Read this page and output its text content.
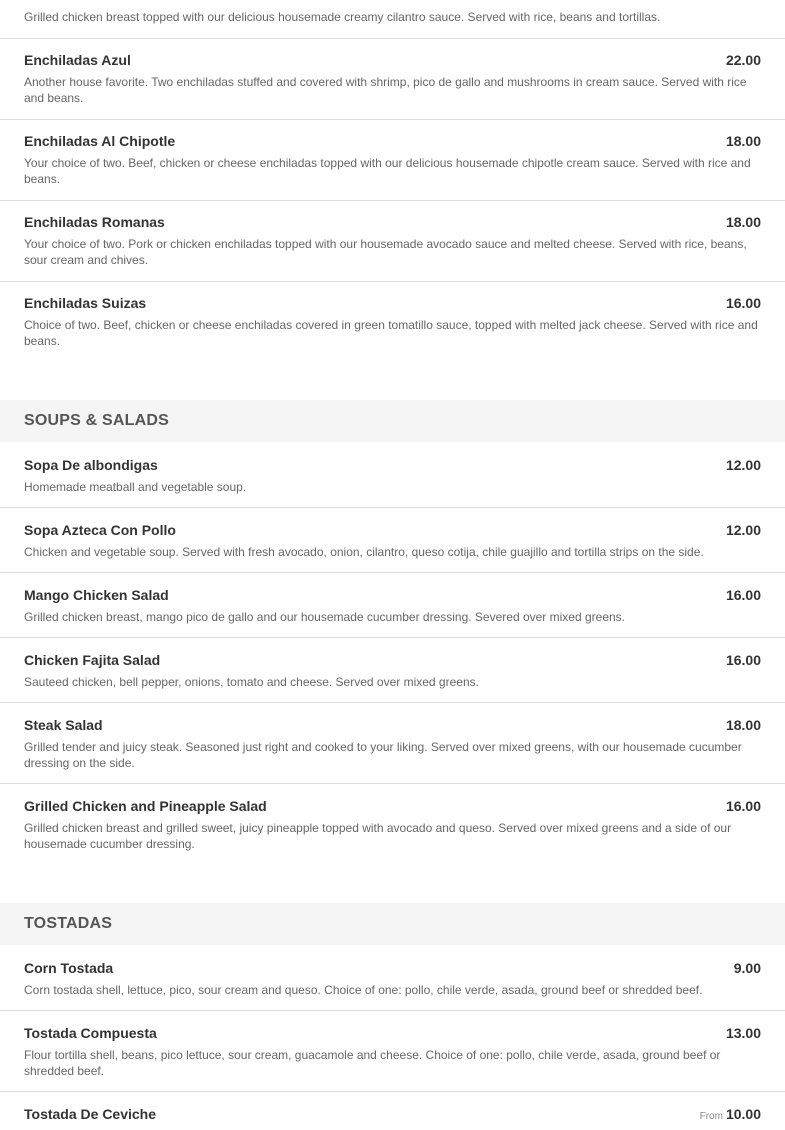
Grilled chicken breast topped with our delicious housemade creamy cilantro sauce. Served with rice, beans and tortillas.
Enchiladas Azul	22.00
Another house favorite. Two enchiladas stuffed and covered with shrimp, pico de gallo and mushrooms in cream sauce. Served with rice and beans.
Enchiladas Al Chipotle	18.00
Your choice of two. Beef, chicken or cheese enchiladas topped with our delicious housemade chipotle cream sauce. Served with rice and beans.
Enchiladas Romanas	18.00
Your choice of two. Pork or chicken enchiladas topped with our housemade avocado sauce and melted cheese. Served with rice, beans, sour cream and chives.
Enchiladas Suizas	16.00
Choice of two. Beef, chicken or cheese enchiladas covered in green tomatillo sauce, topped with melted jack cheese. Served with rice and beans.
SOUPS & SALADS
Sopa De albondigas	12.00
Homemade meatball and vegetable soup.
Sopa Azteca Con Pollo	12.00
Chicken and vegetable soup. Served with fresh avocado, onion, cilantro, queso cotija, chile guajillo and tortilla strips on the side.
Mango Chicken Salad	16.00
Grilled chicken breast, mango pico de gallo and our housemade cucumber dressing. Severed over mixed greens.
Chicken Fajita Salad	16.00
Sauteed chicken, bell pepper, onions, tomato and cheese. Served over mixed greens.
Steak Salad	18.00
Grilled tender and juicy steak. Seasoned just right and cooked to your liking. Served over mixed greens, with our housemade cucumber dressing on the side.
Grilled Chicken and Pineapple Salad	16.00
Grilled chicken breast and grilled sweet, juicy pineapple topped with avocado and queso. Served over mixed greens and a side of our housemade cucumber dressing.
TOSTADAS
Corn Tostada	9.00
Corn tostada shell, lettuce, pico, sour cream and queso. Choice of one: pollo, chile verde, asada, ground beef or shredded beef.
Tostada Compuesta	13.00
Flour tortilla shell, beans, pico lettuce, sour cream, guacamole and cheese. Choice of one: pollo, chile verde, asada, ground beef or shredded beef.
Tostada De Ceviche	From 10.00
